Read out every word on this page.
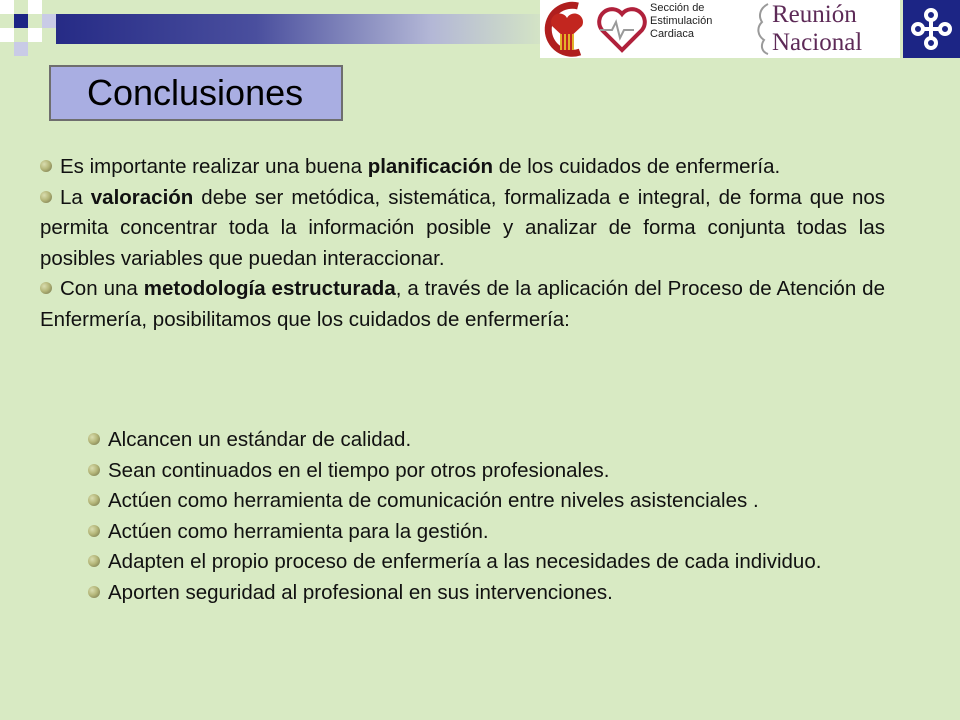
Sección de
Estimulación
Cardiaca
Reunión
Nacional
Conclusiones

Es importante realizar una buena planificación de los cuidados de enfermería.

La valoración debe ser metódica, sistemática, formalizada e integral, de forma que nos permita concentrar toda la información posible y analizar de forma conjunta todas las posibles variables que puedan interaccionar.

Con una metodología estructurada, a través de la aplicación del Proceso de Atención de Enfermería, posibilitamos que los cuidados de enfermería:

Alcancen un estándar de calidad.

Sean continuados en el tiempo por otros profesionales.

Actúen como herramienta de comunicación entre niveles asistenciales .

Actúen como herramienta para la gestión.

Adapten el propio proceso de enfermería a las necesidades de cada individuo.

Aporten seguridad al profesional en sus intervenciones.
